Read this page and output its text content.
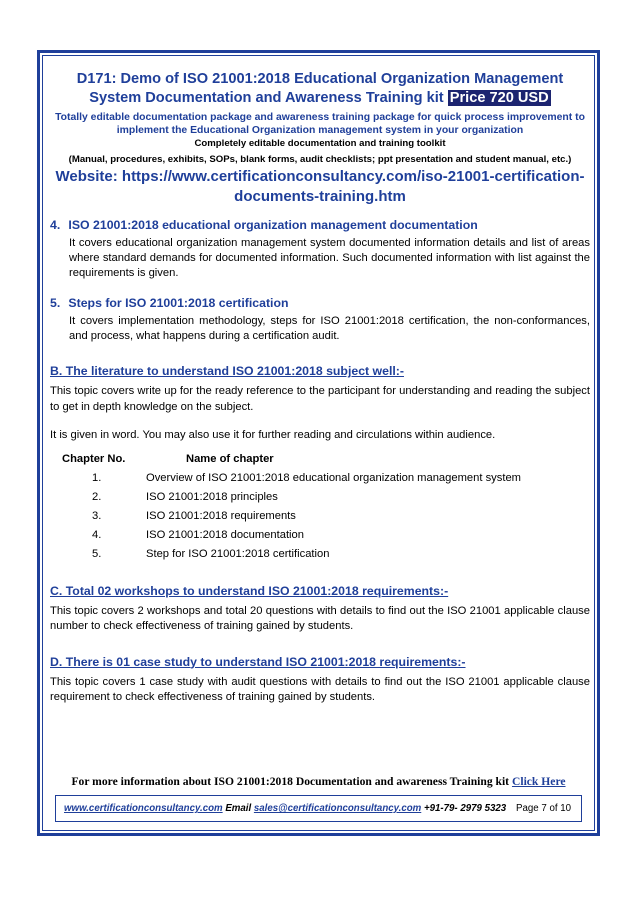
D171: Demo of ISO 21001:2018 Educational Organization Management
System Documentation and Awareness Training kit Price 720 USD
Totally editable documentation package and awareness training package for quick process improvement to implement the Educational Organization management system in your organization
Completely editable documentation and training toolkit
(Manual, procedures, exhibits, SOPs, blank forms, audit checklists; ppt presentation and student manual, etc.)
Website: https://www.certificationconsultancy.com/iso-21001-certification-documents-training.htm
4. ISO 21001:2018 educational organization management documentation
It covers educational organization management system documented information details and list of areas where standard demands for documented information. Such documented information with list against the requirements is given.
5. Steps for ISO 21001:2018 certification
It covers implementation methodology, steps for ISO 21001:2018 certification, the non-conformances, and process, what happens during a certification audit.
B. The literature to understand ISO 21001:2018 subject well:-
This topic covers write up for the ready reference to the participant for understanding and reading the subject to get in depth knowledge on the subject.
It is given in word. You may also use it for further reading and circulations within audience.
Chapter No.	Name of chapter
1.	Overview of ISO 21001:2018 educational organization management system
2.	ISO 21001:2018 principles
3.	ISO 21001:2018 requirements
4.	ISO 21001:2018 documentation
5.	Step for ISO 21001:2018 certification
C. Total 02 workshops to understand ISO 21001:2018 requirements:-
This topic covers 2 workshops and total 20 questions with details to find out the ISO 21001 applicable clause number to check effectiveness of training gained by students.
D. There is 01 case study to understand ISO 21001:2018 requirements:-
This topic covers 1 case study with audit questions with details to find out the ISO 21001 applicable clause requirement to check effectiveness of training gained by students.
For more information about ISO 21001:2018 Documentation and awareness Training kit Click Here
www.certificationconsultancy.com Email sales@certificationconsultancy.com +91-79- 2979 5323 Page 7 of 10
